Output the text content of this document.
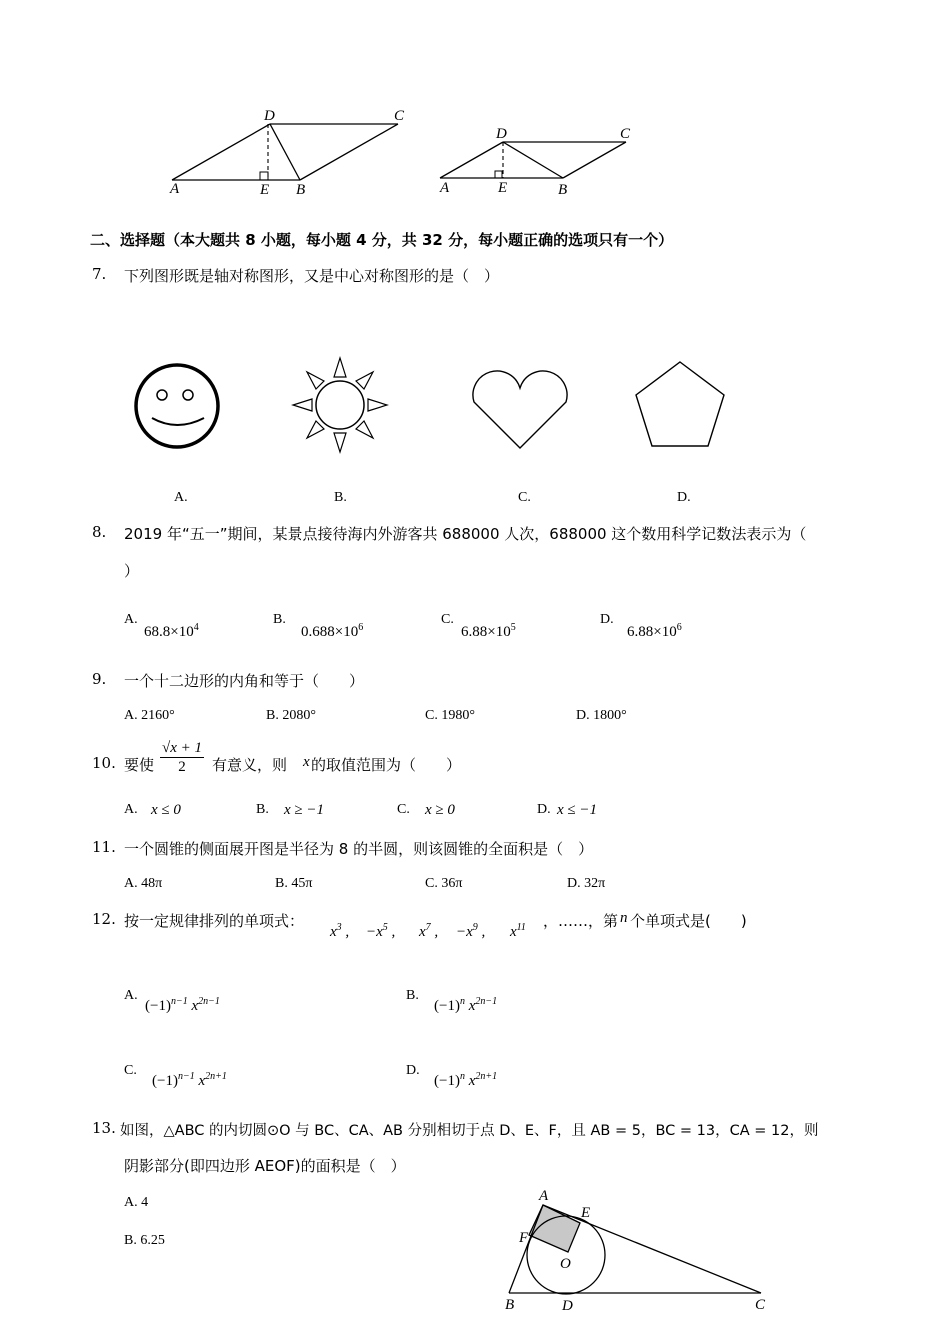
A	B
C
D
E	A	B
C
D
E
二、选择题（本大题共 8 小题，每小题 4 分，共 32 分，每小题正确的选项只有一个）
7. 下列图形既是轴对称图形，又是中心对称图形的是（　）
A.	B.	C.	D.
8. 2019 年“五一”期间，某景点接待海内外游客共 688000 人次，688000 这个数用科学记数法表示为（
）
A.
$68.8\times 10^4$
B.
$0.688\times 10^6$
C.
$6.88\times 10^5$
D.
$6.88\times 10^6$
9. 一个十二边形的内角和等于（　　）
A. 2160°	B. 2080°	C. 1980°	D. 1800°
10. 要使 $\frac{√x + 1}{2}$ 有意义，则 x 的取值范围为（　　）
A. x ≤ 0	B. x ≥ −1	C. x ≥ 0	D. x ≤ −1
11. 一个圆锥的侧面展开图是半径为 8 的半圆，则该圆锥的全面积是（　）
A. 48π	B. 45π	C. 36π	D. 32π
12. 按一定规律排列的单项式：
$x^3$ , $-x^5$ , $x^7$ , $-x^9$ , $x^{11}$ ，……，第 n 个单项式是(　　)
A.
$(-1)^{n-1}$ $x^{2n-1}$	B.
$(-1)^n$ $x^{2n-1}$
C.
$(-1)^{n-1}$ $x^{2n+1}$	D.
$(-1)^n$ $x^{2n+1}$
13. 如图，△ABC 的内切圆⊙O 与 BC、CA、AB 分别相切于点 D、E、F，且 AB = 5，BC = 13，CA = 12，则
阴影部分(即四边形 AEOF)的面积是（　）
A. 4
B. 6.25
A
E
F
O
B	D	C
